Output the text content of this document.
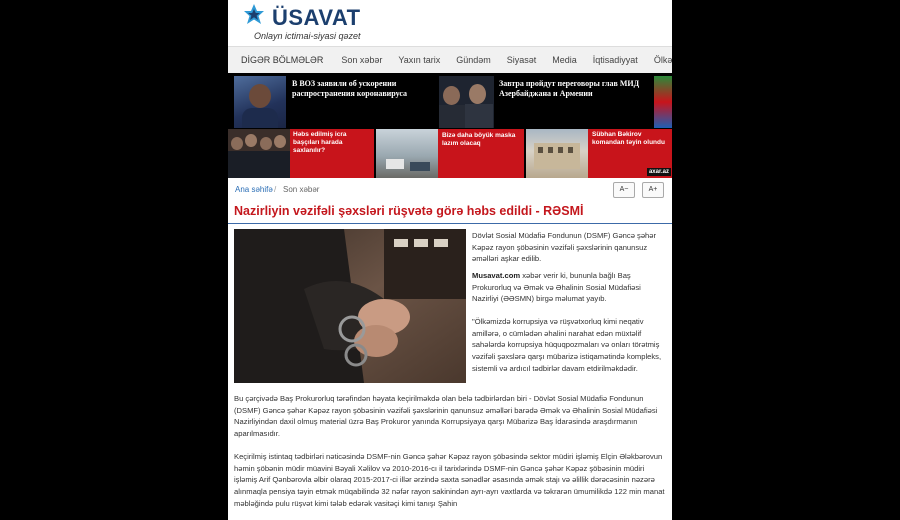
ÜSAVAT
Onlayn ictimai-siyasi qəzet
DİGƏR BÖLMƏLƏR	Son xəbər	Yaxın tarix	Gündəm	Siyasət	Media	İqtisadiyyat	Ölkə
В ВОЗ заявили об ускорении распространения коронавируса
Завтра пройдут переговоры глав МИД Азербайджана и Армении
Həbs edilmiş icra başçıları harada saxlanılır?
Bizə daha böyük maska lazım olacaq
Sübhan Bəkirov komandan təyin olundu
axar.az
Ana səhifə / Son xəbər	A−	A+
Nazirliyin vəzifəli şəxsləri rüşvətə görə həbs edildi - RƏSMİ
Dövlət Sosial Müdafiə Fondunun (DSMF) Gəncə şəhər Kəpəz rayon şöbəsinin vəzifəli şəxslərinin qanunsuz əməlləri aşkar edilib.
Musavat.com xəbər verir ki, bununla bağlı Baş Prokurorluq və Əmək və Əhalinin Sosial Müdafiəsi Nazirliyi (ƏƏSMN) birgə məlumat yayıb.
"Ölkəmizdə korrupsiya və rüşvətxorluq kimi neqativ amillərə, o cümlədən əhalini narahat edən müxtəlif sahələrdə korrupsiya hüquqpozmaları və onları törətmiş vəzifəli şəxslərə qarşı mübarizə istiqamətində kompleks, sistemli və ardıcıl tədbirlər davam etdirilməkdədir.
Bu çərçivədə Baş Prokurorluq tərəfindən həyata keçirilməkdə olan belə tədbirlərdən biri - Dövlət Sosial Müdafiə Fondunun (DSMF) Gəncə şəhər Kəpəz rayon şöbəsinin vəzifəli şəxslərinin qanunsuz əməlləri barədə Əmək və Əhalinin Sosial Müdafiəsi Nazirliyindən daxil olmuş material üzrə Baş Prokuror yanında Korrupsiyaya qarşı Mübarizə Baş İdarəsində araşdırmanın aparılmasıdır.
Keçirilmiş istintaq tədbirləri nəticəsində DSMF-nin Gəncə şəhər Kəpəz rayon şöbəsində sektor müdiri işləmiş Elçin Ələkbərovun həmin şöbənin müdir müavini Bəyali Xəlilov və 2010-2016-cı il tarixlərində DSMF-nin Gəncə şəhər Kəpəz şöbəsinin müdiri işləmiş Arif Qənbərovla əlbir olaraq 2015-2017-ci illər ərzində saxta sənədlər əsasında əmək stajı və əlillik dərəcəsinin nəzərə alınmaqla pensiya təyin etmək müqabilində 32 nəfər rayon sakinindən ayrı-ayrı vaxtlarda və təkrarən ümumilikdə 122 min manat məbləğində pulu rüşvət kimi tələb edərək vasitəçi kimi tanışı Şahin
